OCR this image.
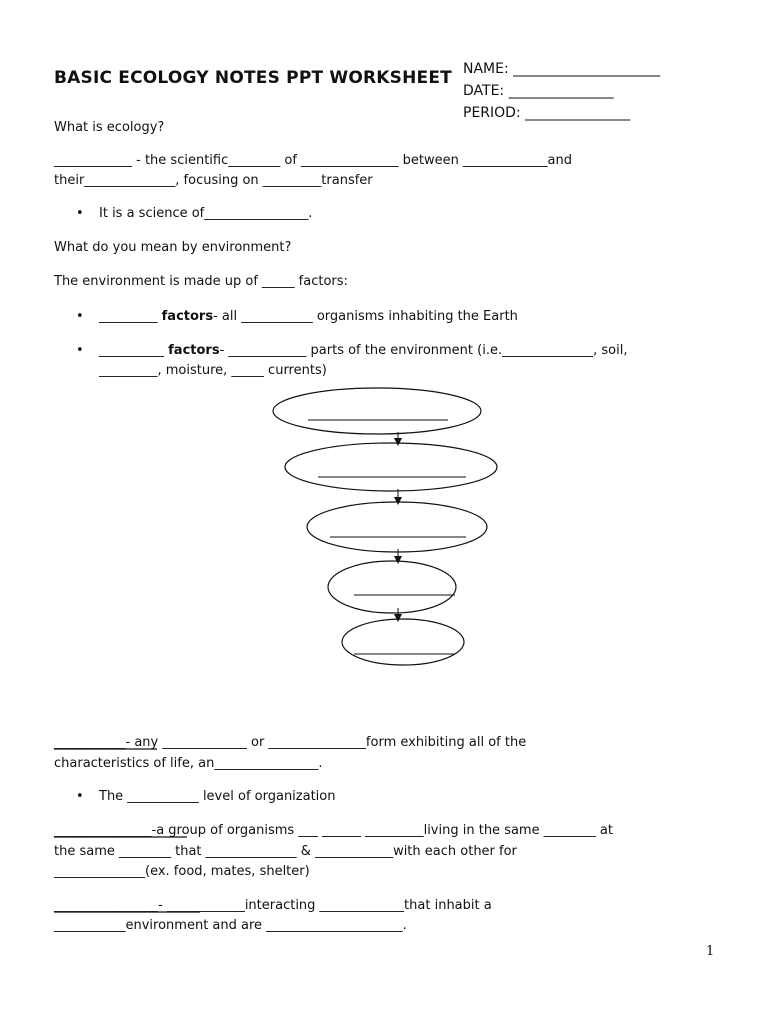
BASIC ECOLOGY NOTES PPT WORKSHEET NAME: _____________________
DATE: _______________
PERIOD: _______________
What is ecology?
____________ - the scientific________ of _______________ between _____________and
their______________, focusing on _________transfer
• It is a science of________________.
What do you mean by environment?
The environment is made up of _____ factors:
• _________ factors- all ___________ organisms inhabiting the Earth
• __________ factors- ____________ parts of the environment (i.e.______________, soil,
_________, moisture, _____ currents)
___________- any _____________ or _______________form exhibiting all of the
characteristics of life, an________________.
• The ___________ level of organization
_______________-a group of organisms ___ ______ _________living in the same ________ at
the same ________ that ______________ & ____________with each other for
______________(ex. food, mates, shelter)
________________- ____________interacting _____________that inhabit a
___________environment and are _____________________.
1
